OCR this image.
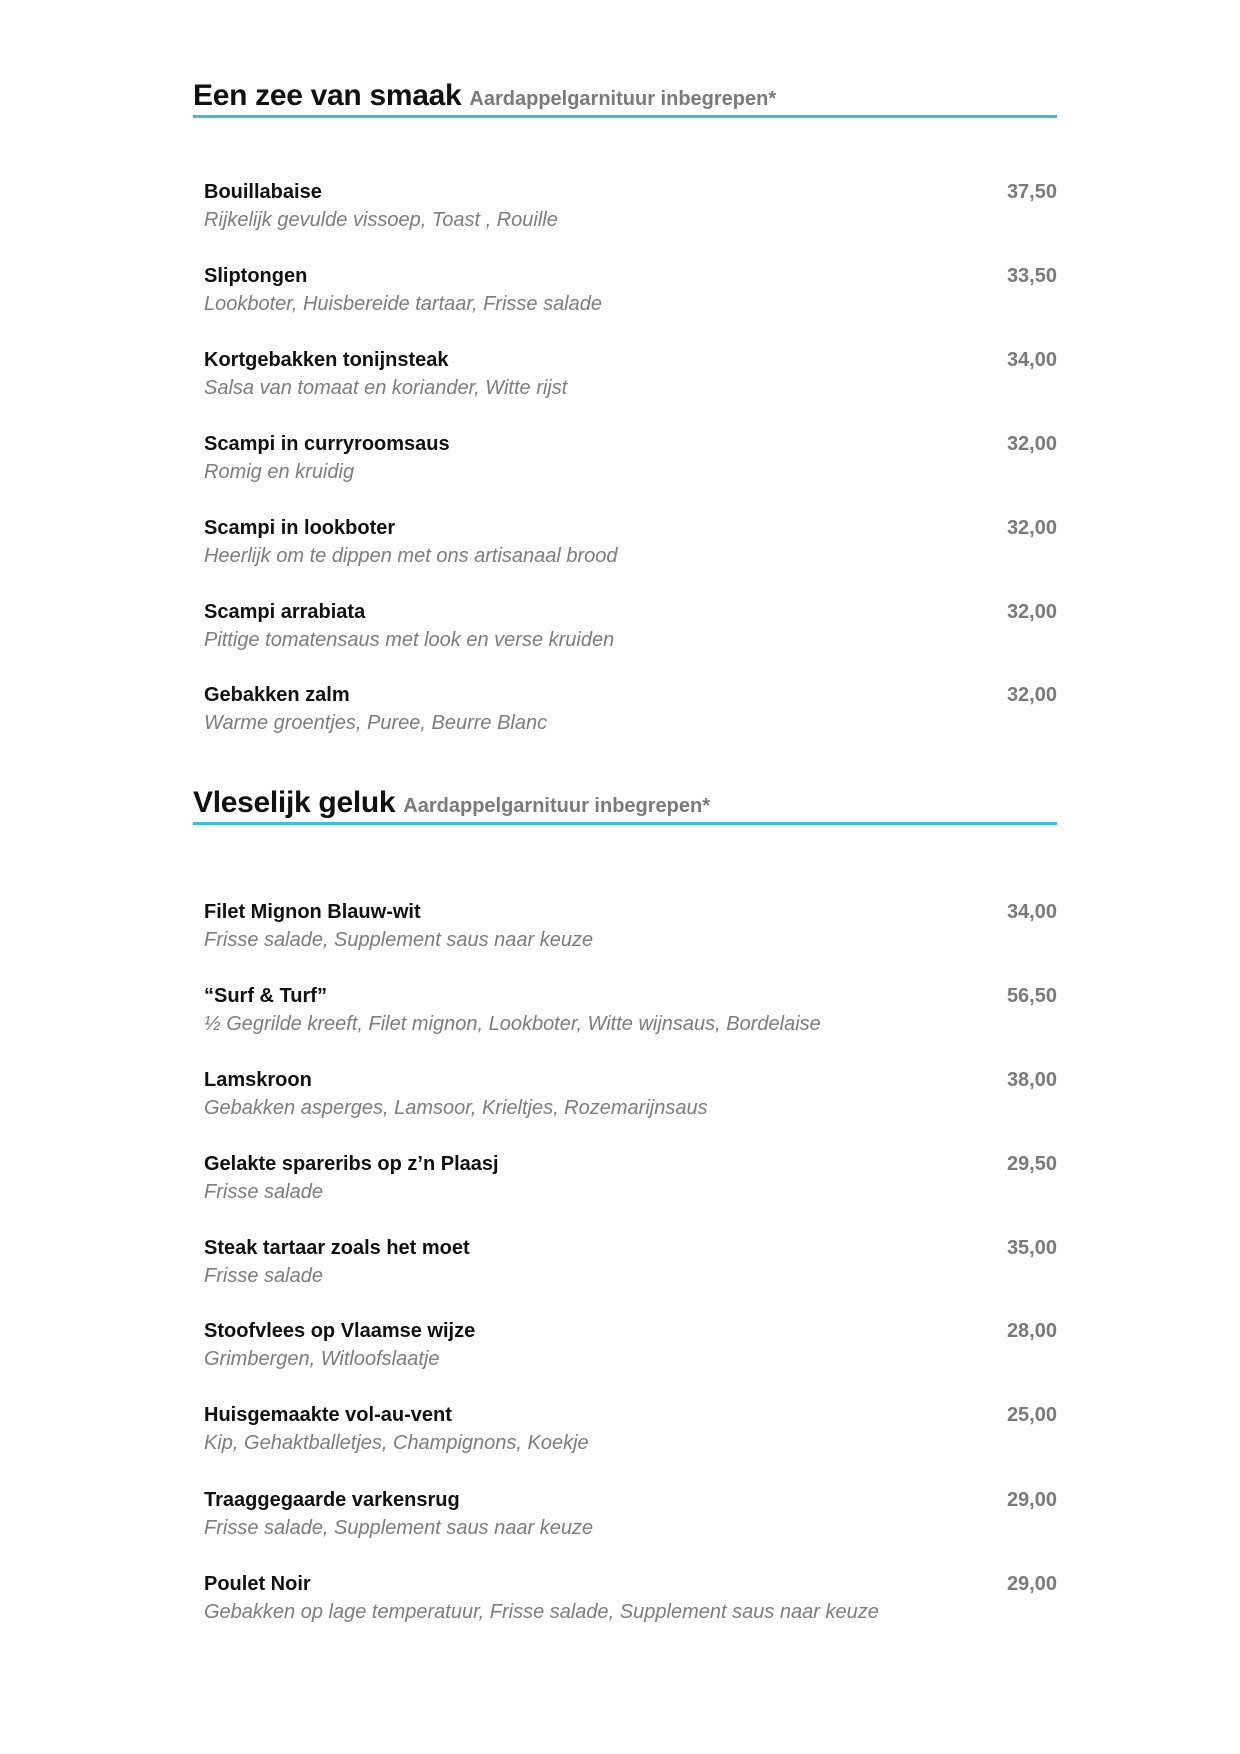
Een zee van smaak Aardappelgarnituur inbegrepen*
Bouillabaise
Rijkelijk gevulde vissoep, Toast , Rouille
37,50
Sliptongen
Lookboter, Huisbereide tartaar, Frisse salade
33,50
Kortgebakken tonijnsteak
Salsa van tomaat en koriander, Witte rijst
34,00
Scampi in curryroomsaus
Romig en kruidig
32,00
Scampi in lookboter
Heerlijk om te dippen met ons artisanaal brood
32,00
Scampi arrabiata
Pittige tomatensaus met look en verse kruiden
32,00
Gebakken zalm
Warme groentjes, Puree, Beurre Blanc
32,00
Vleselijk geluk Aardappelgarnituur inbegrepen*
Filet Mignon Blauw-wit
Frisse salade, Supplement saus naar keuze
34,00
“Surf & Turf”
½ Gegrilde kreeft, Filet mignon, Lookboter, Witte wijnsaus, Bordelaise
56,50
Lamskroon
Gebakken asperges, Lamsoor, Krieltjes, Rozemarijnsaus
38,00
Gelakte spareribs op z’n Plaasj
Frisse salade
29,50
Steak tartaar zoals het moet
Frisse salade
35,00
Stoofvlees op Vlaamse wijze
Grimbergen, Witloofslaatje
28,00
Huisgemaakte vol-au-vent
Kip, Gehaktballetjes, Champignons, Koekje
25,00
Traaggegaarde varkensrug
Frisse salade, Supplement saus naar keuze
29,00
Poulet Noir
Gebakken op lage temperatuur, Frisse salade, Supplement saus naar keuze
29,00
